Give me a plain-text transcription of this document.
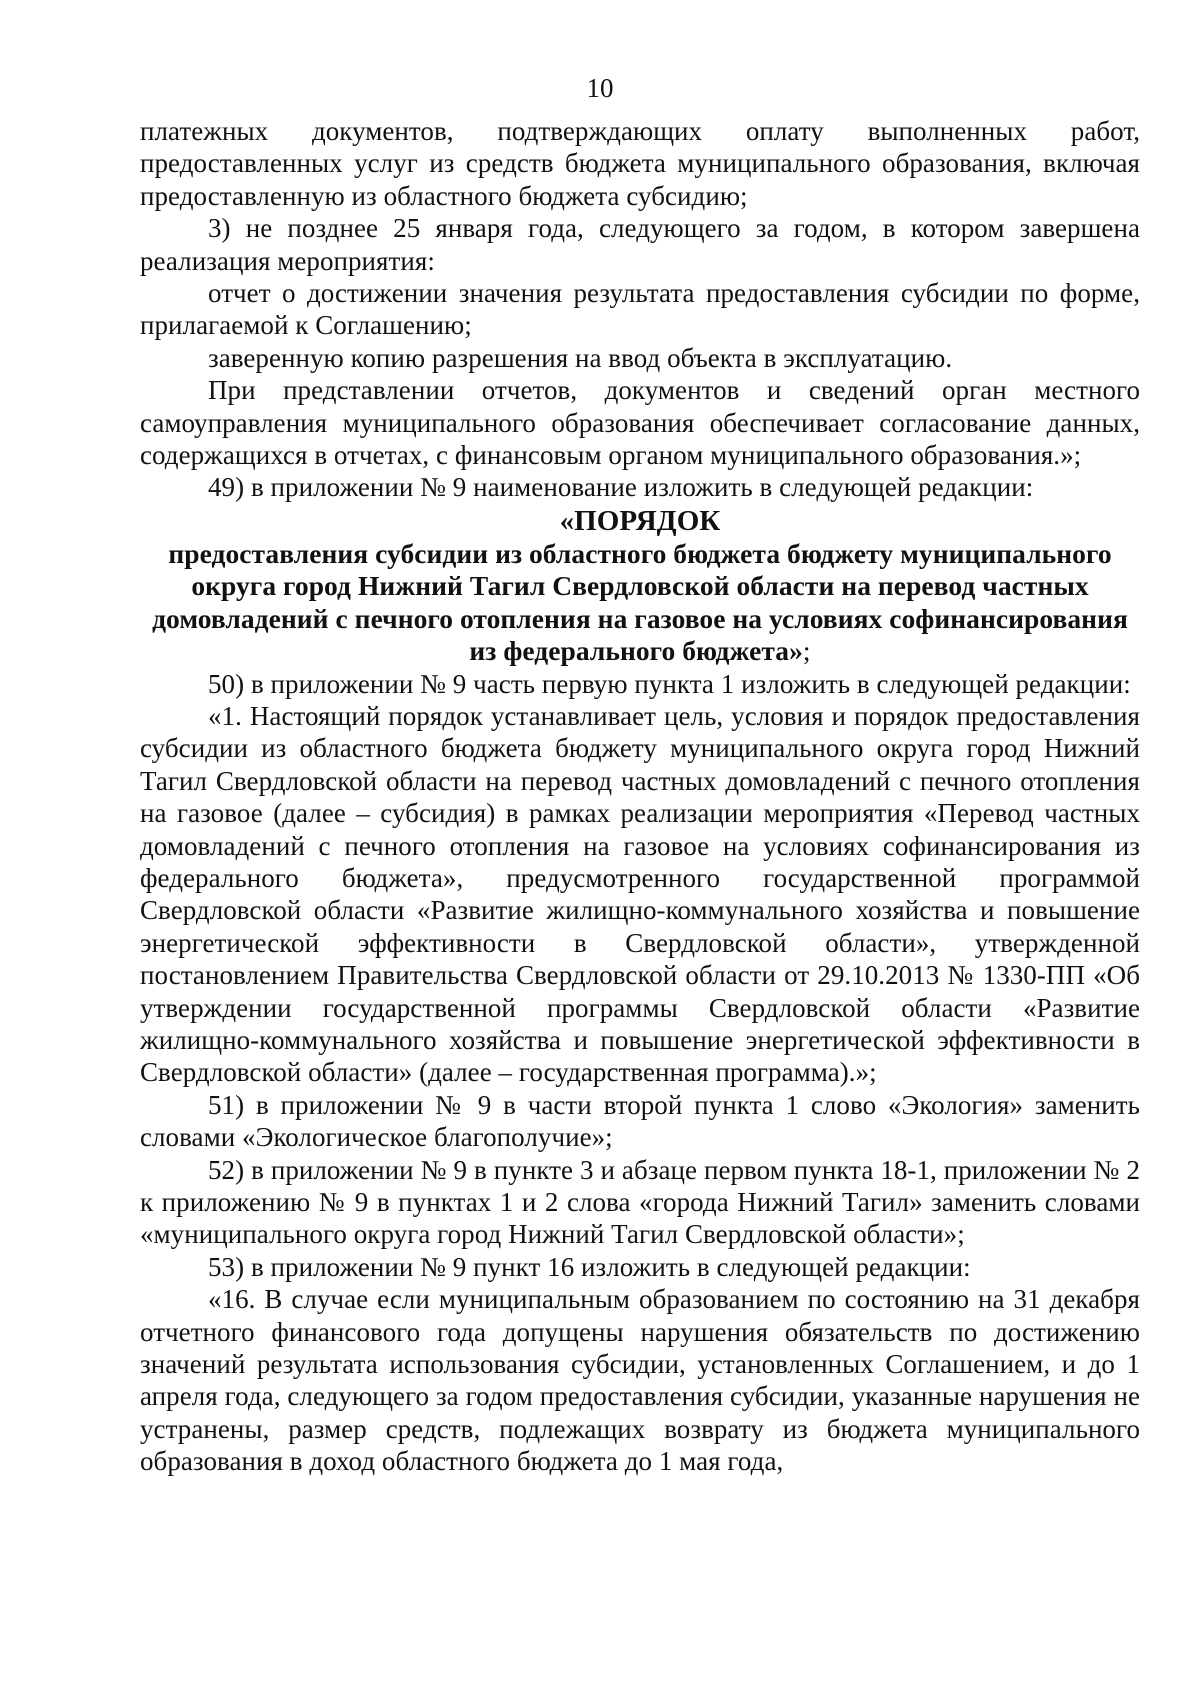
10

платежных документов, подтверждающих оплату выполненных работ, предоставленных услуг из средств бюджета муниципального образования, включая предоставленную из областного бюджета субсидию;

3) не позднее 25 января года, следующего за годом, в котором завершена реализация мероприятия:

отчет о достижении значения результата предоставления субсидии по форме, прилагаемой к Соглашению;

заверенную копию разрешения на ввод объекта в эксплуатацию.

При представлении отчетов, документов и сведений орган местного самоуправления муниципального образования обеспечивает согласование данных, содержащихся в отчетах, с финансовым органом муниципального образования.»;

49) в приложении № 9 наименование изложить в следующей редакции:

«ПОРЯДОК

предоставления субсидии из областного бюджета бюджету муниципального округа город Нижний Тагил Свердловской области на перевод частных домовладений с печного отопления на газовое на условиях софинансирования из федерального бюджета»;

50) в приложении № 9 часть первую пункта 1 изложить в следующей редакции:

«1. Настоящий порядок устанавливает цель, условия и порядок предоставления субсидии из областного бюджета бюджету муниципального округа город Нижний Тагил Свердловской области на перевод частных домовладений с печного отопления на газовое (далее – субсидия) в рамках реализации мероприятия «Перевод частных домовладений с печного отопления на газовое на условиях софинансирования из федерального бюджета», предусмотренного государственной программой Свердловской области «Развитие жилищно-коммунального хозяйства и повышение энергетической эффективности в Свердловской области», утвержденной постановлением Правительства Свердловской области от 29.10.2013 № 1330-ПП «Об утверждении государственной программы Свердловской области «Развитие жилищно-коммунального хозяйства и повышение энергетической эффективности в Свердловской области» (далее – государственная программа).»;

51) в приложении № 9 в части второй пункта 1 слово «Экология» заменить словами «Экологическое благополучие»;

52) в приложении № 9 в пункте 3 и абзаце первом пункта 18-1, приложении № 2 к приложению № 9 в пунктах 1 и 2 слова «города Нижний Тагил» заменить словами «муниципального округа город Нижний Тагил Свердловской области»;

53) в приложении № 9 пункт 16 изложить в следующей редакции:

«16. В случае если муниципальным образованием по состоянию на 31 декабря отчетного финансового года допущены нарушения обязательств по достижению значений результата использования субсидии, установленных Соглашением, и до 1 апреля года, следующего за годом предоставления субсидии, указанные нарушения не устранены, размер средств, подлежащих возврату из бюджета муниципального образования в доход областного бюджета до 1 мая года,
